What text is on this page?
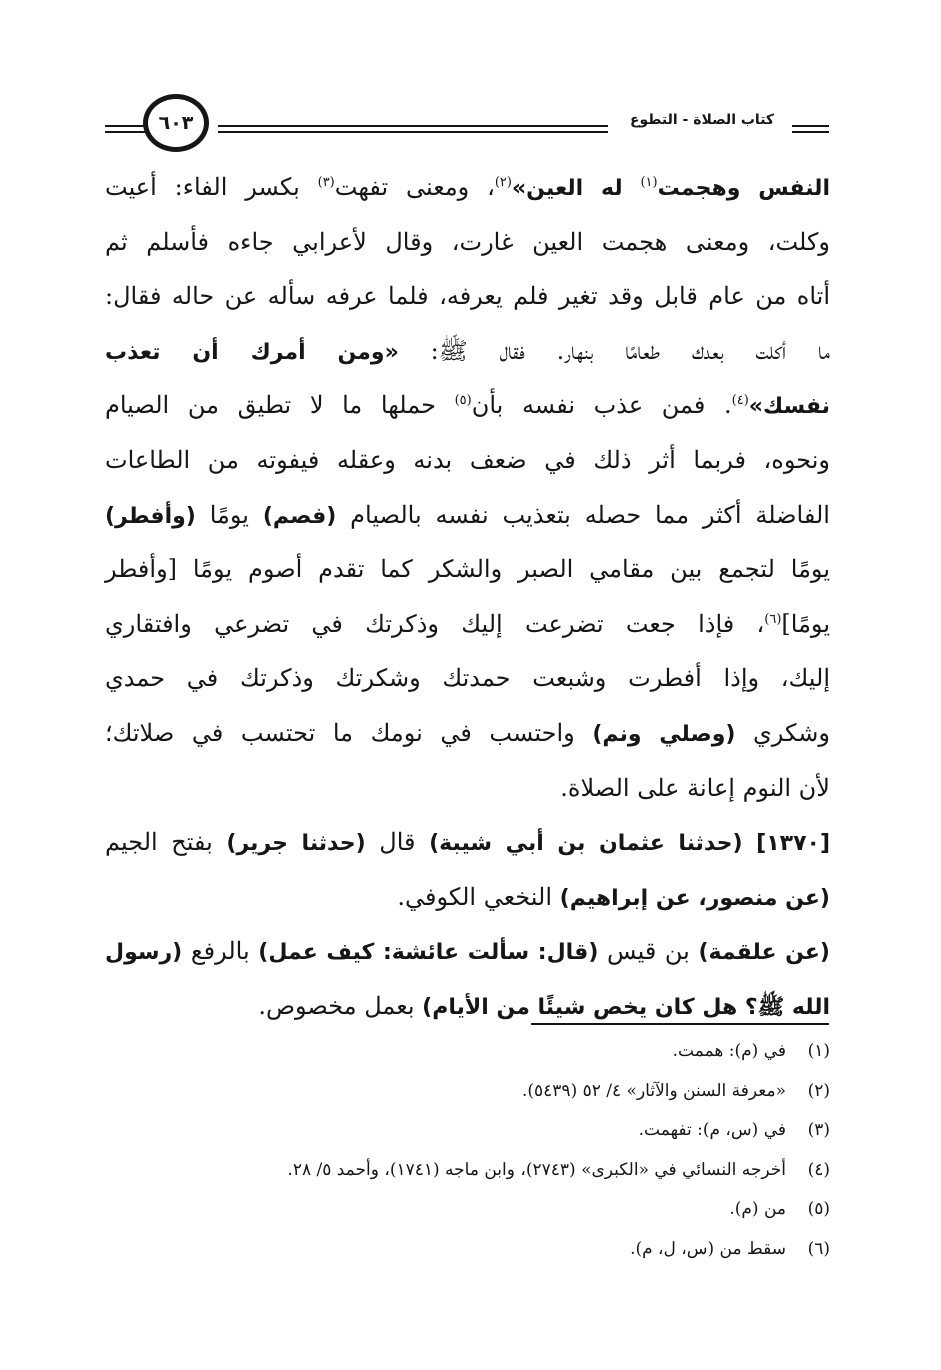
٦٠٣	كتاب الصلاة - التطوع
النفس وهجمت$^{(١)}$ له العين»$^{(٢)}$، ومعنى تفهت$^{(٣)}$ بكسر الفاء: أعيت
وكلت، ومعنى هجمت العين غارت، وقال لأعرابي جاءه فأسلم ثم
أتاه من عام قابل وقد تغير فلم يعرفه، فلما عرفه سأله عن حاله فقال:
ما أكلت بعدك طعامًا بنهار. فقال ﷺ: «ومن أمرك أن تعذب
نفسك»$^{(٤)}$. فمن عذب نفسه بأن$^{(٥)}$ حملها ما لا تطيق من الصيام
ونحوه، فربما أثر ذلك في ضعف بدنه وعقله فيفوته من الطاعات
الفاضلة أكثر مما حصله بتعذيب نفسه بالصيام (فصم) يومًا (وأفطر)
يومًا لتجمع بين مقامي الصبر والشكر كما تقدم أصوم يومًا [وأفطر
يومًا]$^{(٦)}$، فإذا جعت تضرعت إليك وذكرتك في تضرعي وافتقاري
إليك، وإذا أفطرت وشبعت حمدتك وشكرتك وذكرتك في حمدي
وشكري (وصلي ونم) واحتسب في نومك ما تحتسب في صلاتك؛
لأن النوم إعانة على الصلاة.
[١٣٧٠] (حدثنا عثمان بن أبي شيبة) قال (حدثنا جرير) بفتح الجيم
(عن منصور، عن إبراهيم) النخعي الكوفي.
(عن علقمة) بن قيس (قال: سألت عائشة: كيف عمل) بالرفع (رسول
الله ﷺ؟ هل كان يخص شيئًا من الأيام) بعمل مخصوص.
(١)في (م): هممت.
(٢)«معرفة السنن والآثار» ٤/ ٥٢ (٥٤٣٩).
(٣)في (س، م): تفهمت.
(٤)أخرجه النسائي في «الكبرى» (٢٧٤٣)، وابن ماجه (١٧٤١)، وأحمد ٥/ ٢٨.
(٥)من (م).
(٦)سقط من (س، ل، م).
